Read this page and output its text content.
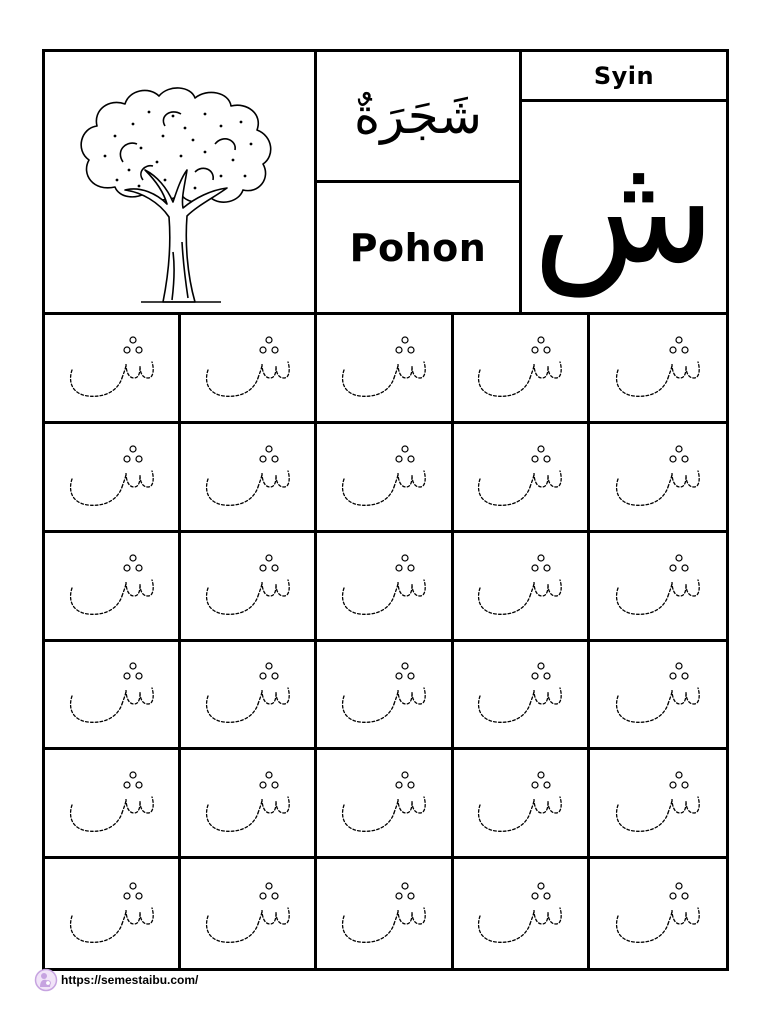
شَجَرَةٌ
Pohon
Syin
ش
https://semestaibu.com/
